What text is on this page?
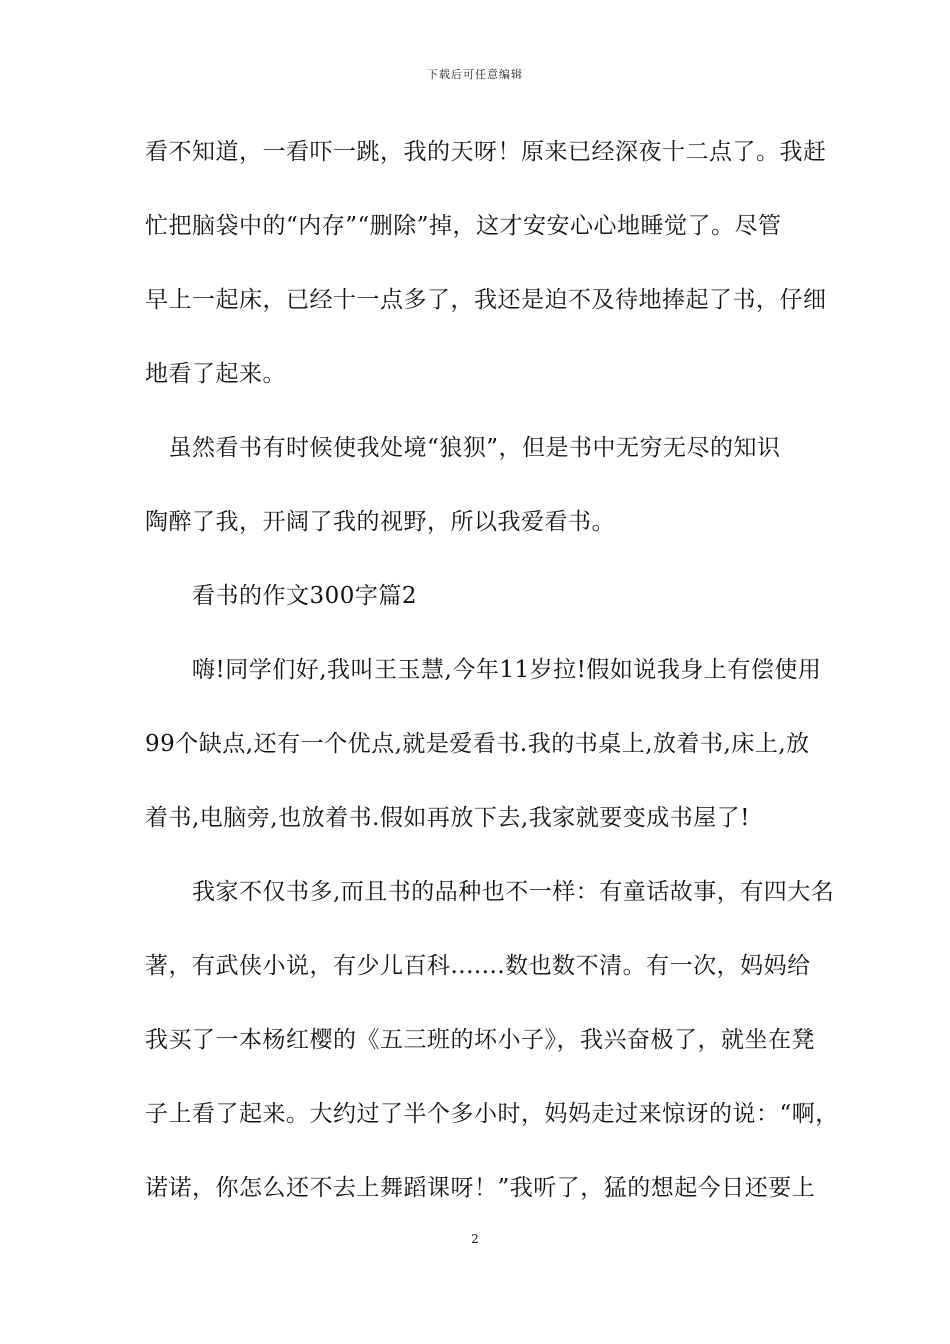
下载后可任意编辑
看不知道，一看吓一跳，我的天呀！原来已经深夜十二点了。我赶
忙把脑袋中的“内存”“删除”掉，这才安安心心地睡觉了。尽管
早上一起床，已经十一点多了，我还是迫不及待地捧起了书，仔细
地看了起来。
　虽然看书有时候使我处境“狼狈”，但是书中无穷无尽的知识
陶醉了我，开阔了我的视野，所以我爱看书。
　　看书的作文300字篇2
　　嗨!同学们好,我叫王玉慧,今年11岁拉!假如说我身上有偿使用
99个缺点,还有一个优点,就是爱看书.我的书桌上,放着书,床上,放
着书,电脑旁,也放着书.假如再放下去,我家就要变成书屋了!
　　我家不仅书多,而且书的品种也不一样：有童话故事，有四大名
著，有武侠小说，有少儿百科.......数也数不清。有一次，妈妈给
我买了一本杨红樱的《五三班的坏小子》，我兴奋极了，就坐在凳
子上看了起来。大约过了半个多小时，妈妈走过来惊讶的说：“啊，
诺诺，你怎么还不去上舞蹈课呀！”我听了，猛的想起今日还要上
2
